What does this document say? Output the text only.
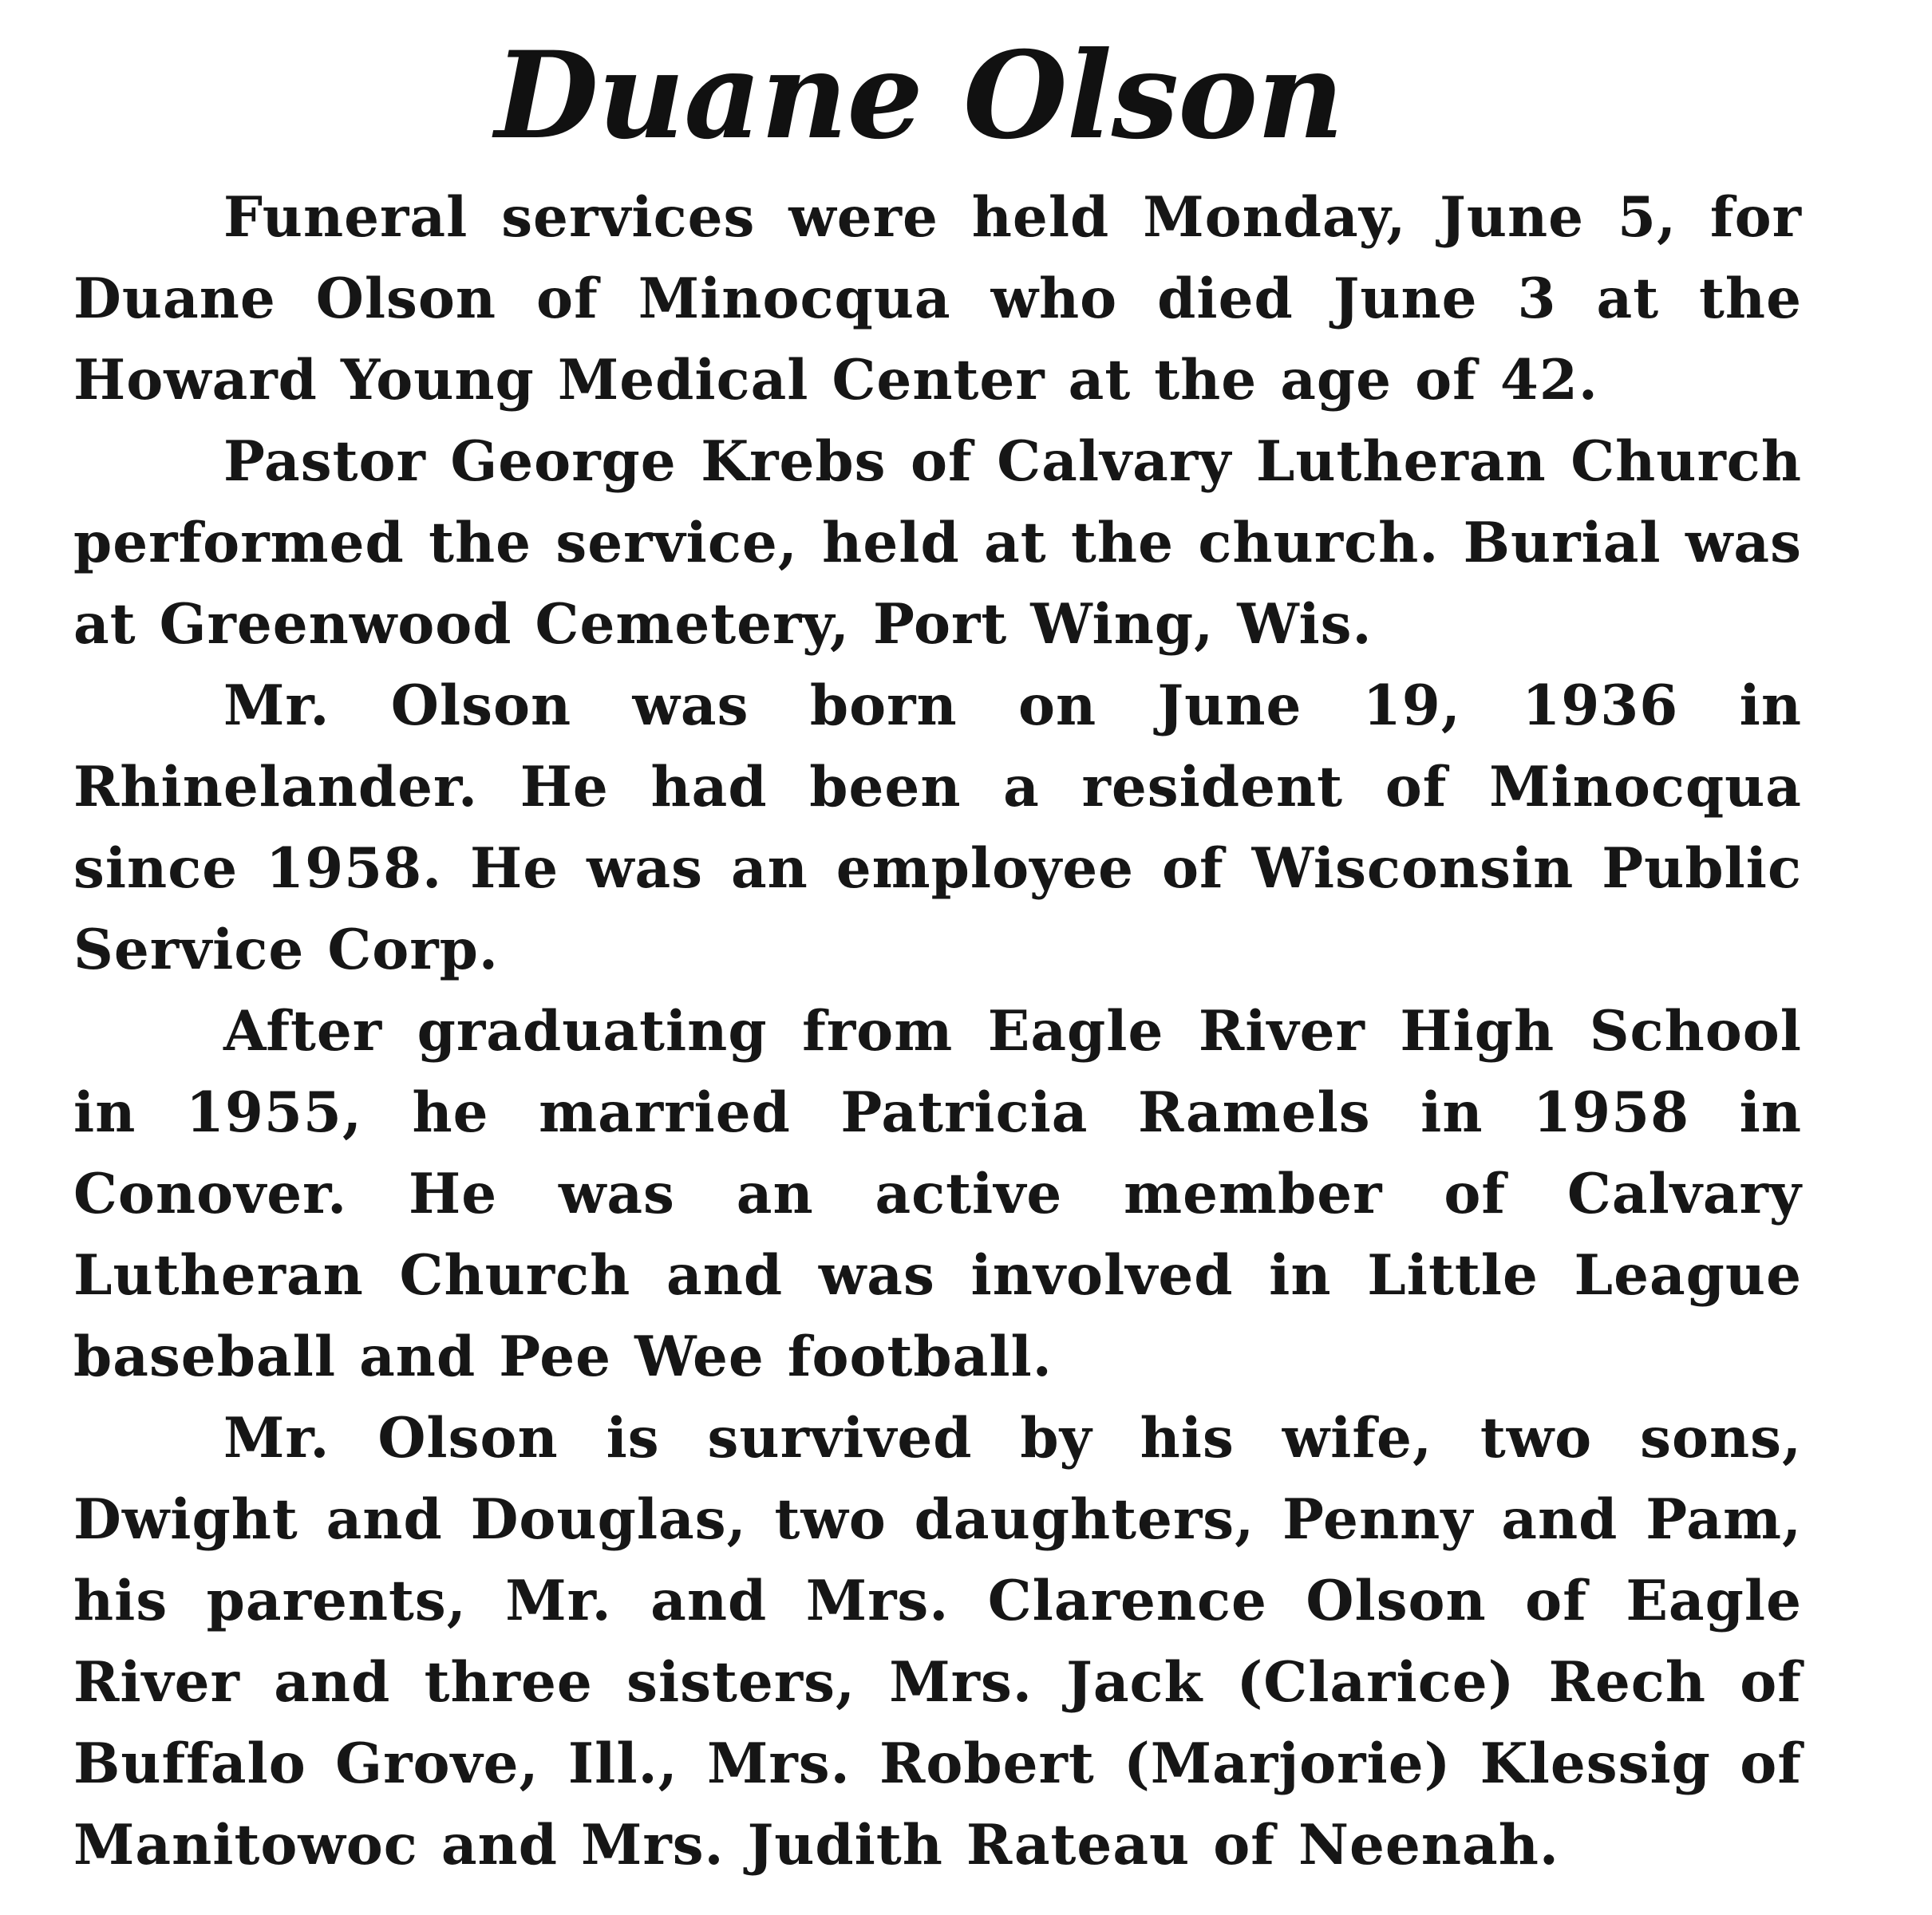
Duane Olson

Funeral services were held Monday, June 5, for Duane Olson of Minocqua who died June 3 at the Howard Young Medical Center at the age of 42.

Pastor George Krebs of Calvary Lutheran Church performed the service, held at the church. Burial was at Greenwood Cemetery, Port Wing, Wis.

Mr. Olson was born on June 19, 1936 in Rhinelander. He had been a resident of Minocqua since 1958. He was an employee of Wisconsin Public Service Corp.

After graduating from Eagle River High School in 1955, he married Patricia Ramels in 1958 in Conover. He was an active member of Calvary Lutheran Church and was involved in Little League baseball and Pee Wee football.

Mr. Olson is survived by his wife, two sons, Dwight and Douglas, two daughters, Penny and Pam, his parents, Mr. and Mrs. Clarence Olson of Eagle River and three sisters, Mrs. Jack (Clarice) Rech of Buffalo Grove, Ill., Mrs. Robert (Marjorie) Klessig of Manitowoc and Mrs. Judith Rateau of Neenah.
